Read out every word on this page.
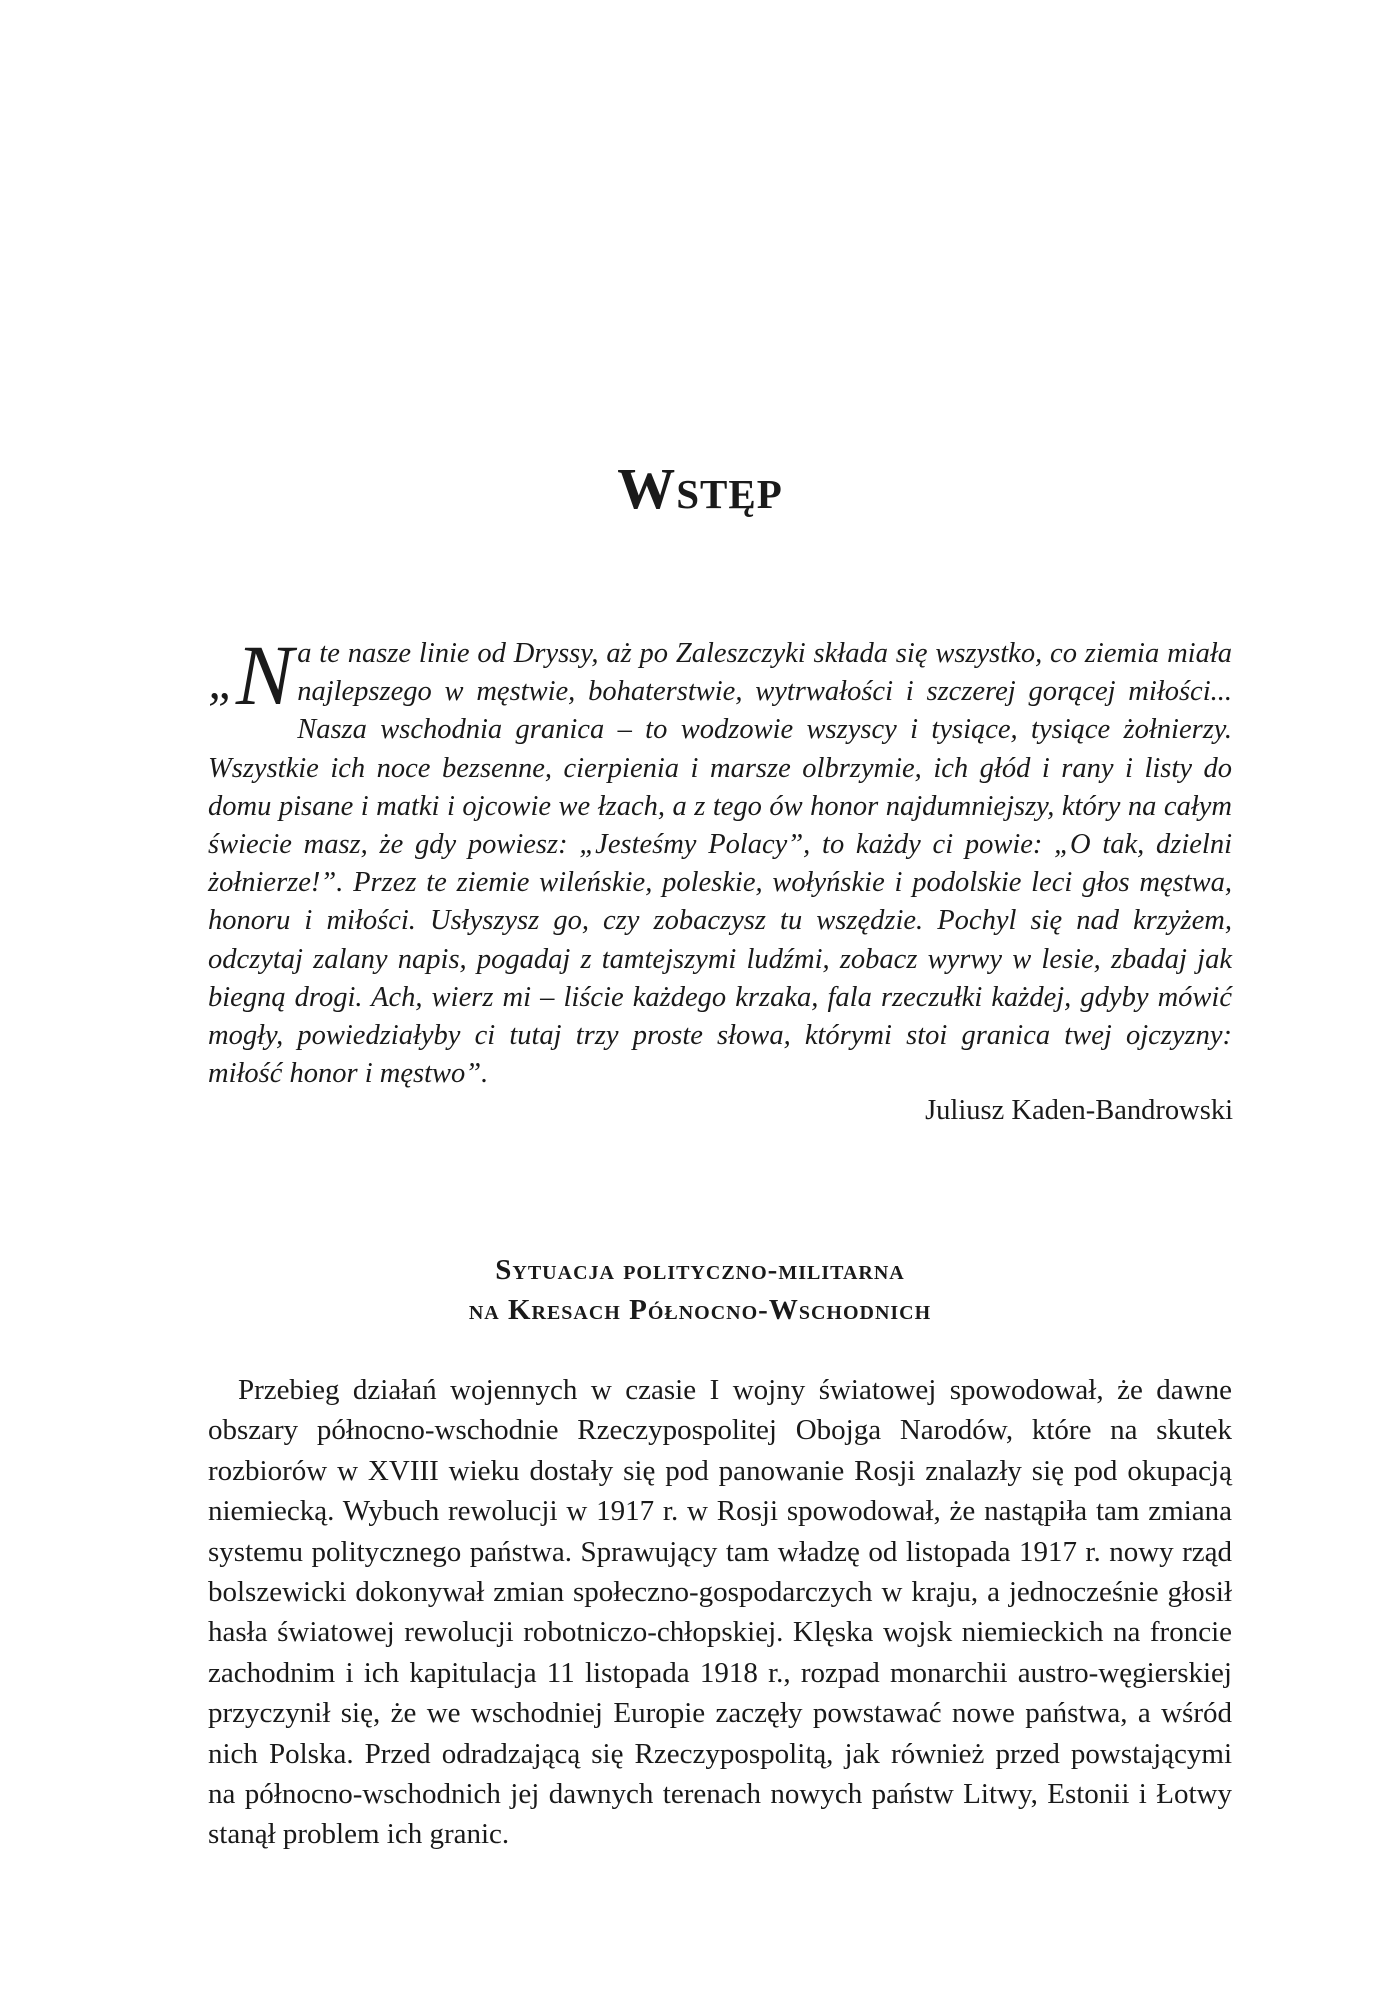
Wstęp

„N a te nasze linie od Dryssy, aż po Zaleszczyki składa się wszystko, co ziemia miała najlepszego w męstwie, bohaterstwie, wytrwałości i szczerej gorącej miłości... Nasza wschodnia granica – to wodzowie wszyscy i tysiące, tysiące żołnierzy. Wszystkie ich noce bezsenne, cierpienia i marsze olbrzymie, ich głód i rany i listy do domu pisane i matki i ojcowie we łzach, a z tego ów honor najdumniejszy, który na całym świecie masz, że gdy powiesz: „Jesteśmy Polacy”, to każdy ci powie: „O tak, dzielni żołnierze!”. Przez te ziemie wileńskie, poleskie, wołyńskie i podolskie leci głos męstwa, honoru i miłości. Usłyszysz go, czy zobaczysz tu wszędzie. Pochyl się nad krzyżem, odczytaj zalany napis, pogadaj z tamtejszymi ludźmi, zobacz wyrwy w lesie, zbadaj jak biegną drogi. Ach, wierz mi – liście każdego krzaka, fala rzeczułki każdej, gdyby mówić mogły, powiedziałyby ci tutaj trzy proste słowa, którymi stoi granica twej ojczyzny: miłość honor i męstwo”.

Juliusz Kaden-Bandrowski

Sytuacja polityczno-militarna
na Kresach Północno-Wschodnich

Przebieg działań wojennych w czasie I wojny światowej spowodował, że dawne obszary północno-wschodnie Rzeczypospolitej Obojga Narodów, które na skutek rozbiorów w XVIII wieku dostały się pod panowanie Rosji znalazły się pod okupacją niemiecką. Wybuch rewolucji w 1917 r. w Rosji spowodował, że nastąpiła tam zmiana systemu politycznego państwa. Sprawujący tam władzę od listopada 1917 r. nowy rząd bolszewicki dokonywał zmian społeczno-gospodarczych w kraju, a jednocześnie głosił hasła światowej rewolucji robotniczo-chłopskiej. Klęska wojsk niemieckich na froncie zachodnim i ich kapitulacja 11 listopada 1918 r., rozpad monarchii austro-węgierskiej przyczynił się, że we wschodniej Europie zaczęły powstawać nowe państwa, a wśród nich Polska. Przed odradzającą się Rzeczypospolitą, jak również przed powstającymi na północno-wschodnich jej dawnych terenach nowych państw Litwy, Estonii i Łotwy stanął problem ich granic.
